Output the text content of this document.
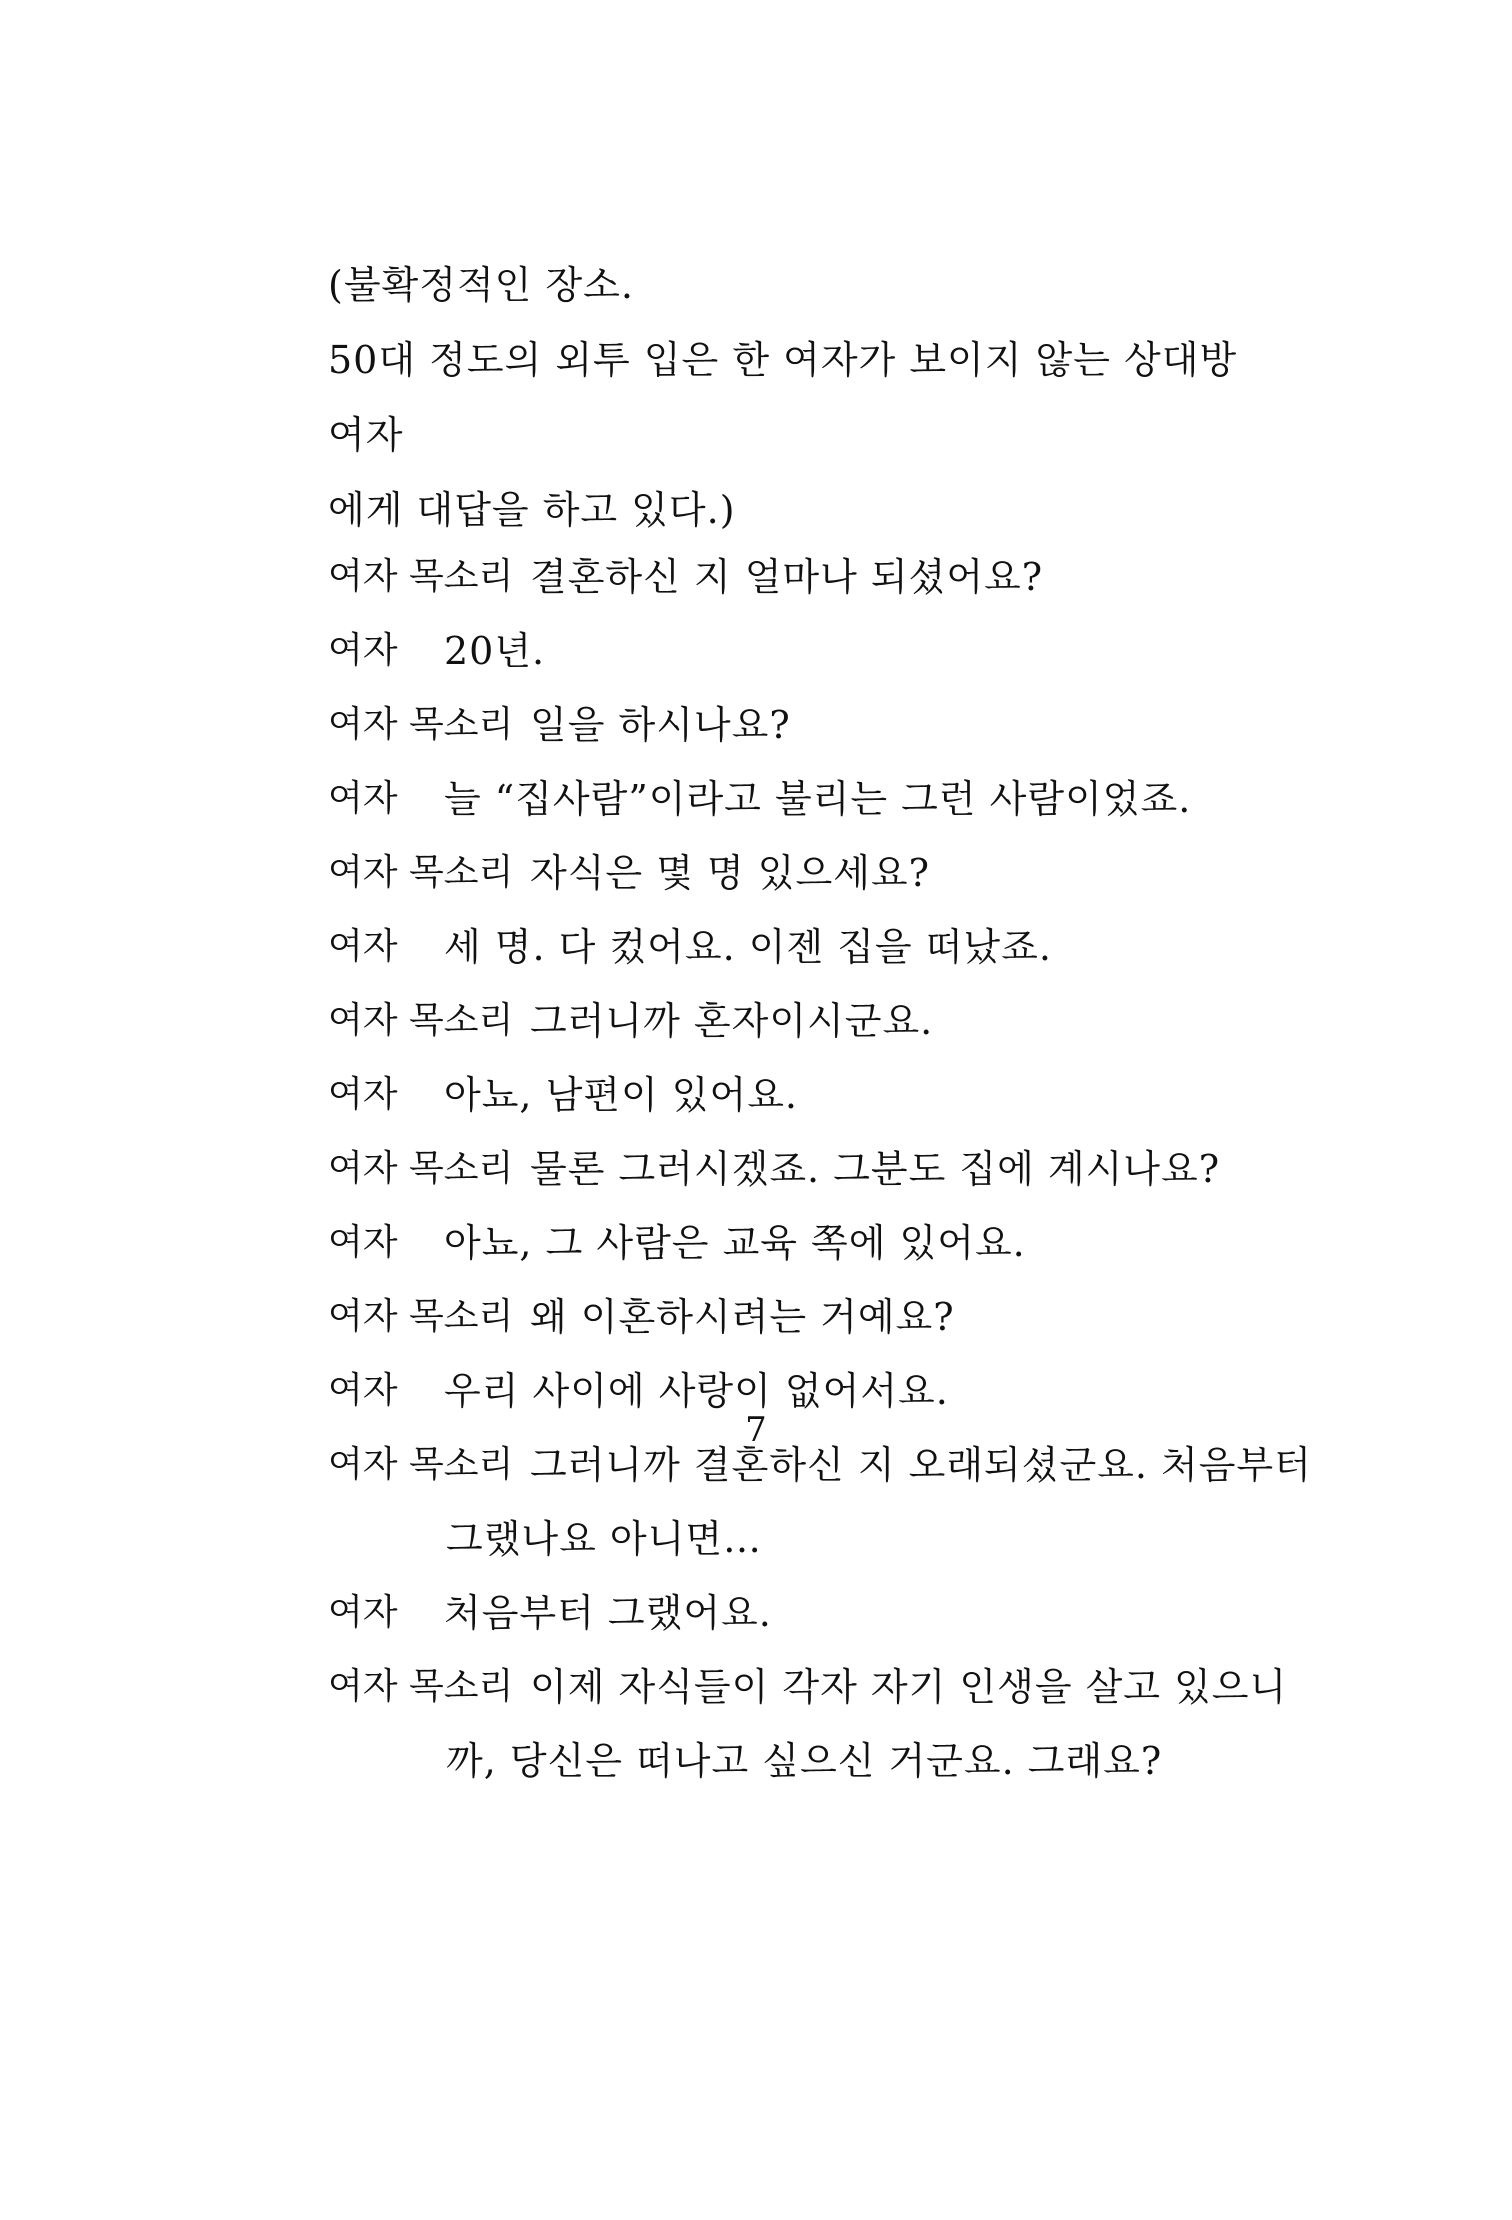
(불확정적인 장소.

50대 정도의 외투 입은 한 여자가 보이지 않는 상대방 여자

에게 대답을 하고 있다.)

여자 목소리 결혼하신 지 얼마나 되셨어요?
여자	20년.
여자 목소리 일을 하시나요?
여자	늘 “집사람”이라고 불리는 그런 사람이었죠.
여자 목소리 자식은 몇 명 있으세요?
여자	세 명. 다 컸어요. 이젠 집을 떠났죠.
여자 목소리 그러니까 혼자이시군요.
여자	아뇨, 남편이 있어요.
여자 목소리 물론 그러시겠죠. 그분도 집에 계시나요?
여자	아뇨, 그 사람은 교육 쪽에 있어요.
여자 목소리 왜 이혼하시려는 거예요?
여자	우리 사이에 사랑이 없어서요.
여자 목소리 그러니까 결혼하신 지 오래되셨군요. 처음부터
그랬나요 아니면…
여자	처음부터 그랬어요.
여자 목소리 이제 자식들이 각자 자기 인생을 살고 있으니
까, 당신은 떠나고 싶으신 거군요. 그래요?
7
